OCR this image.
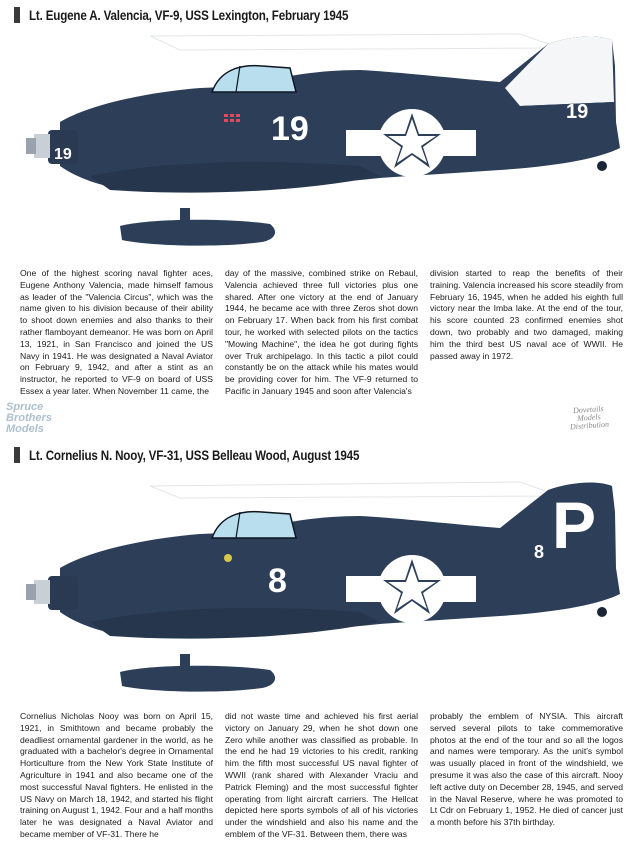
Lt. Eugene A. Valencia, VF-9, USS Lexington, February 1945
19	19
19

One of the highest scoring naval fighter aces, Eugene Anthony Valencia, made himself famous as leader of the "Valencia Circus", which was the name given to his division because of their ability to shoot down enemies and also thanks to their rather flamboyant demeanor. He was born on April 13, 1921, in San Francisco and joined the US Navy in 1941. He was designated a Naval Aviator on February 9, 1942, and after a stint as an instructor, he reported to VF-9 on board of USS Essex a year later. When November 11 came, the

day of the massive, combined strike on Rebaul, Valencia achieved three full victories plus one shared. After one victory at the end of January 1944, he became ace with three Zeros shot down on February 17. When back from his first combat tour, he worked with selected pilots on the tactics "Mowing Machine", the idea he got during fights over Truk archipelago. In this tactic a pilot could constantly be on the attack while his mates would be providing cover for him. The VF-9 returned to Pacific in January 1945 and soon after Valencia's

division started to reap the benefits of their training. Valencia increased his score steadily from February 16, 1945, when he added his eighth full victory near the Imba lake. At the end of the tour, his score counted 23 confirmed enemies shot down, two probably and two damaged, making him the third best US naval ace of WWII. He passed away in 1972.

Spruce
Brothers
Models
Dovetails
Models
Distribution
Lt. Cornelius N. Nooy, VF-31, USS Belleau Wood, August 1945
8
8 P

Cornelius Nicholas Nooy was born on April 15, 1921, in Smithtown and became probably the deadliest ornamental gardener in the world, as he graduated with a bachelor's degree in Ornamental Horticulture from the New York State Institute of Agriculture in 1941 and also became one of the most successful Naval fighters. He enlisted in the US Navy on March 18, 1942, and started his flight training on August 1, 1942. Four and a half months later he was designated a Naval Aviator and became member of VF-31. There he

did not waste time and achieved his first aerial victory on January 29, when he shot down one Zero while another was classified as probable. In the end he had 19 victories to his credit, ranking him the fifth most successful US naval fighter of WWII (rank shared with Alexander Vraciu and Patrick Fleming) and the most successful fighter operating from light aircraft carriers. The Hellcat depicted here sports symbols of all of his victories under the windshield and also his name and the emblem of the VF-31. Between them, there was

probably the emblem of NYSIA. This aircraft served several pilots to take commemorative photos at the end of the tour and so all the logos and names were temporary. As the unit's symbol was usually placed in front of the windshield, we presume it was also the case of this aircraft. Nooy left active duty on December 28, 1945, and served in the Naval Reserve, where he was promoted to Lt Cdr on February 1, 1952. He died of cancer just a month before his 37th birthday.
